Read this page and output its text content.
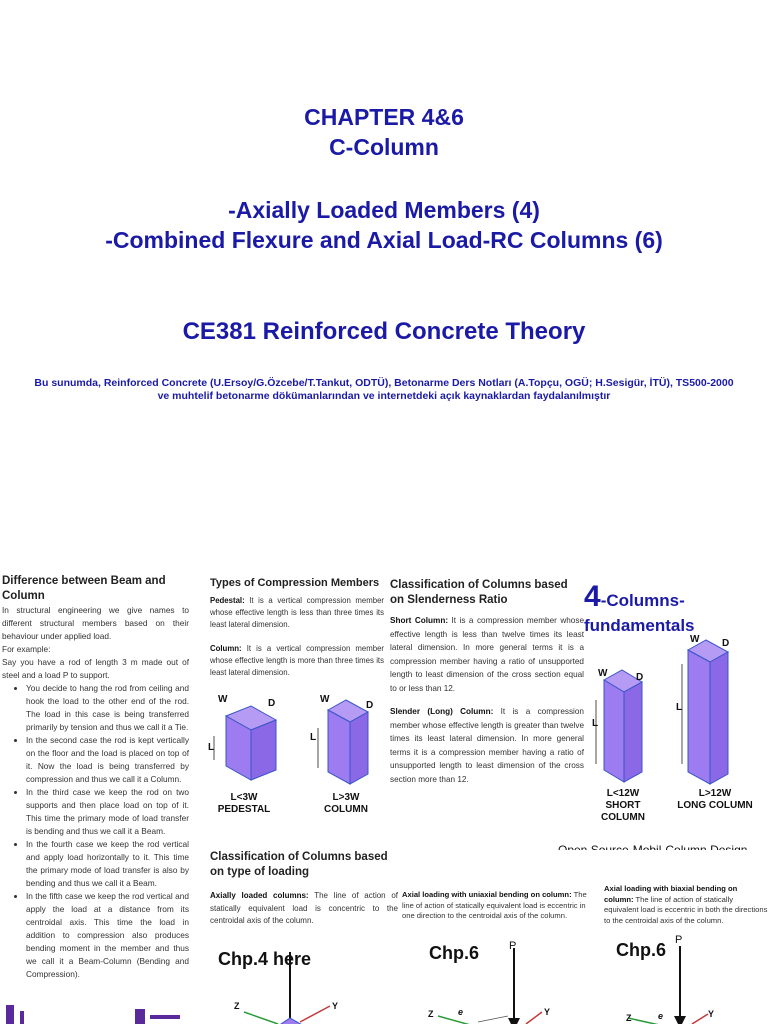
CHAPTER 4&6
C-Column
-Axially Loaded Members (4)
-Combined Flexure and Axial Load-RC Columns (6)
CE381 Reinforced Concrete Theory
Bu sunumda, Reinforced Concrete (U.Ersoy/G.Özcebe/T.Tankut, ODTÜ), Betonarme Ders Notları (A.Topçu, OGÜ; H.Sesigür, İTÜ), TS500-2000
ve muhtelif betonarme dökümanlarından ve internetdeki açık kaynaklardan faydalanılmıştır
Difference between Beam and Column
In structural engineering we give names to different structural members based on their behaviour under applied load.
For example:
Say you have a rod of length 3 m made out of steel and a load P to support.
• You decide to hang the rod from ceiling and hook the load to the other end of the rod. The load in this case is being transferred primarily by tension and thus we call it a Tie.
• In the second case the rod is kept vertically on the floor and the load is placed on top of it. Now the load is being transferred by compression and thus we call it a Column.
• In the third case we keep the rod on two supports and then place load on top of it. This time the primary mode of load transfer is bending and thus we call it a Beam.
• In the fourth case we keep the rod vertical and apply load horizontally to it. This time the primary mode of load transfer is also by bending and thus we call it a Beam.
• In the fifth case we keep the rod vertical and apply the load at a distance from its centroidal axis. This time the load in addition to compression also produces bending moment in the member and thus we call it a Beam-Column (Bending and Compression).
Types of Compression Members
Pedestal: It is a vertical compression member whose effective length is less than three times its least lateral dimension.
Column: It is a vertical compression member whose effective length is more than three times its least lateral dimension.
W	D
L
W
D
L
L<3W
PEDESTAL
L>3W
COLUMN
Classification of Columns based on Slenderness Ratio
Short Column: It is a compression member whose effective length is less than twelve times its least lateral dimension. In more general terms it is a compression member having a ratio of unsupported length to least dimension of the cross section equal to or less than 12.
Slender (Long) Column: It is a compression member whose effective length is greater than twelve times its least lateral dimension. In more general terms it is a compression member having a ratio of unsupported length to least dimension of the cross section more than 12.
4-Columns-fundamentals
W	D
L
W D
L
L<12W
SHORT COLUMN
L>12W
LONG COLUMN
Classification of Columns based on type of loading
Axially loaded columns: The line of action of statically equivalent load is concentric to the centroidal axis of the column.
Axial loading with uniaxial bending on column: The line of action of statically equivalent load is eccentric in one direction to the centroidal axis of the column.
Axial loading with biaxial bending on column: The line of action of statically equivalent load is eccentric in both the directions to the centroidal axis of the column.
Chp.4 here	Chp.6	Chp.6
P	P
Z	Y
Z	e	Y
Z	e	Y
